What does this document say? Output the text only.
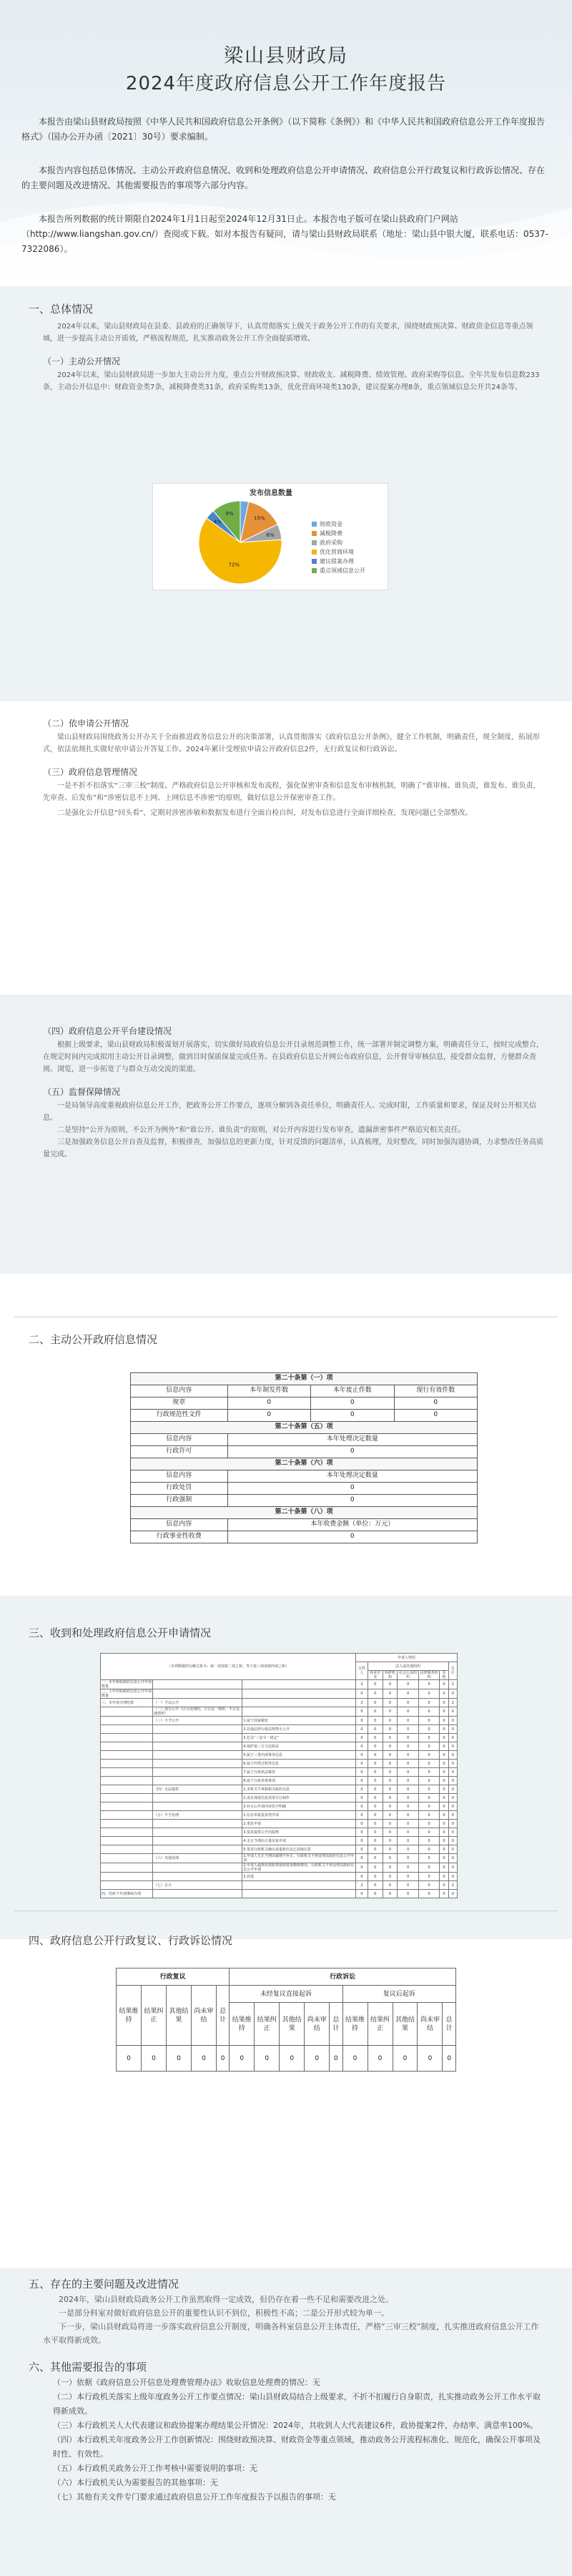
梁山县财政局
2024年度政府信息公开工作年度报告
本报告由梁山县财政局按照《中华人民共和国政府信息公开条例》（以下简称《条例》）和《中华人民共和国政府信息公开工作年度报告格式》（国办公开办函〔2021〕30号）要求编制。
本报告内容包括总体情况、主动公开政府信息情况、收到和处理政府信息公开申请情况、政府信息公开行政复议和行政诉讼情况、存在的主要问题及改进情况、其他需要报告的事项等六部分内容。
本报告所列数据的统计期限自2024年1月1日起至2024年12月31日止。本报告电子版可在梁山县政府门户网站（http://www.liangshan.gov.cn/）查阅或下载。如对本报告有疑问，请与梁山县财政局联系（地址：梁山县中银大厦，联系电话：0537-7322086）。
一、总体情况
2024年以来，梁山县财政局在县委、县政府的正确领导下，认真贯彻落实上级关于政务公开工作的有关要求，围绕财政预决算、财政资金信息等重点领域，进一步提高主动公开质效，严格流程规范，扎实推动政务公开工作全面提质增效。
（一）主动公开情况
2024年以来，梁山县财政局进一步加大主动公开力度，重点公开财政预决算、财政收支、减税降费、绩效管理、政府采购等信息。全年共发布信息数233条，主动公开信息中：财政资金类7条，减税降费类31条，政府采购类13条，优化营商环境类130条，建议提案办理8条，重点领域信息公开共24条等。
发布信息数量
15%
6%
72%
4%
9%
财政资金
减税降费
政府采购
优化营商环境
建议提案办理
重点领域信息公开
（二）依申请公开情况
梁山县财政局围绕政务公开办关于全面推进政务信息公开的决策部署，认真贯彻落实《政府信息公开条例》，健全工作机制，明确责任，规全制度，拓展形式，依法依规扎实做好依申请公开答复工作。2024年累计受理依申请公开政府信息2件，无行政复议和行政诉讼。
（三）政府信息管理情况
一是不折不扣落实“三审三校”制度。严格政府信息公开审核和发布流程，强化保密审查和信息发布审核机制，明确了“谁审核、谁负责，谁发布、谁负责，先审查、后发布”和“涉密信息不上网、上网信息不涉密”的原则，做好信息公开保密审查工作。
二是强化公开信息“回头看”，定期对涉密涉敏和数据发布进行全面自检自纠，对发布信息进行全面详细检查，发现问题已全部整改。
（四）政府信息公开平台建设情况
根据上级要求，梁山县财政局积极谋划开展落实，切实做好局政府信息公开目录规范调整工作，统一部署并制定调整方案，明确责任分工，按时完成整合，在规定时间内完成拟用主动公开目录调整，做到目时保质保量完成任务。在县政府信息公开网公布政府信息，公开督导审核信息，接受群众监督，方便群众查阅、浏览，进一步拓宽了与群众互动交流的渠道。
（五）监督保障情况
一是局领导高度重视政府信息公开工作，把政务公开工作要点，逐项分解到各责任单位，明确责任人、完成时限，工作质量和要求，保证及时公开相关信息。
二是坚持“公开为原则，不公开为例外”和“谁公开、谁负责”的原则，对公开内容进行发布审查，遗漏泄密事件严格追究相关责任。
三是加强政务信息公开自查及监督，积极排查，加强信息的更新力度，针对反馈的问题清单，认真梳理，及时整改，同时加强沟通协调，力求整改任务高质量完成。
二、主动公开政府信息情况
第二十条第（一）项			
信息内容	本年制发件数	本年废止件数	现行有效件数
规章	0	0	0
行政规范性文件	0	0	0
第二十条第（五）项			
信息内容	本年处理决定数量		
行政许可	0		
第二十条第（六）项			
信息内容	本年处理决定数量		
行政处罚	0		
行政强制	0		
第二十条第（八）项			
信息内容	本年收费金额（单位：万元）		
行政事业性收费	0		
三、收到和处理政府信息公开申请情况
（本列数据的勾稽关系为：第一项加第二项之和，等于第三项加第四项之和）			申请人情况						
			自然人	法人或其他组织					总计
				商业企业	科研机构	社会公益组织	法律服务机构	其他	
一、本年新收政府信息公开申请数量			2	0	0	0	0	0	2
二、上年结转政府信息公开申请数量			0	0	0	0	0	0	0
三、本年度办理结果	（一）予以公开		2	0	0	0	0	0	2
	（二）部分公开（区分处理的，只计这一情形，不计其他情形）		0	0	0	0	0	0	0
	（三）不予公开	1.属于国家秘密	0	0	0	0	0	0	0
		2.其他法律行政法规禁止公开	0	0	0	0	0	0	0
		3.危及“三安全一稳定”	0	0	0	0	0	0	0
		4.保护第三方合法权益	0	0	0	0	0	0	0
		5.属于三类内部事务信息	0	0	0	0	0	0	0
		6.属于四类过程性信息	0	0	0	0	0	0	0
		7.属于行政执法案卷	0	0	0	0	0	0	0
		8.属于行政查询事项	0	0	0	0	0	0	0
	（四）无法提供	1.本机关不掌握相关政府信息	0	0	0	0	0	0	0
		2.没有现成信息需要另行制作	0	0	0	0	0	0	0
		3.补正后申请内容仍不明确	0	0	0	0	0	0	0
	（五）不予处理	1.信访举报投诉类申请	0	0	0	0	0	0	0
		2.重复申请	0	0	0	0	0	0	0
		3.要求提供公开出版物	0	0	0	0	0	0	0
		4.无正当理由大量反复申请	0	0	0	0	0	0	0
		5.要求行政机关确认或重新出具已获取信息	0	0	0	0	0	0	0
	（六）其他处理	1.申请人无正当理由逾期不补正、行政机关不再处理其政府信息公开申请	0	0	0	0	0	0	0
		2.申请人逾期未按收费通知要求缴纳费用、行政机关不再处理其政府信息公开申请	0	0	0	0	0	0	0
		3.其他	0	0	0	0	0	0	0
	（七）总计		2	0	0	0	0	0	2
四、结转下年度继续办理			0	0	0	0	0	0	0
四、政府信息公开行政复议、行政诉讼情况
行政复议					行政诉讼									
结果维持	结果纠正	其他结果	尚未审结	总计	未经复议直接起诉					复议后起诉				
					结果维持	结果纠正	其他结果	尚未审结	总计	结果维持	结果纠正	其他结果	尚未审结	总计
0	0	0	0	0	0	0	0	0	0	0	0	0	0	0
五、存在的主要问题及改进情况
2024年，梁山县财政局政务公开工作虽然取得一定成效，但仍存在着一些不足和需要改进之处。
一是部分科室对做好政府信息公开的重要性认识不到位，积极性不高；二是公开形式较为单一。
下一步，梁山县财政局将进一步落实政府信息公开制度，明确各科室信息公开主体责任，严格“三审三校”制度，扎实推进政府信息公开工作水平取得新成效。
六、其他需要报告的事项
（一）依据《政府信息公开信息处理费管理办法》收取信息处理费的情况：无
（二）本行政机关落实上级年度政务公开工作要点情况：梁山县财政局结合上级要求，不折不扣履行自身职责，扎实推动政务公开工作水平取得新成效。
（三）本行政机关人大代表建议和政协提案办理结果公开情况：2024年，共收到人大代表建议6件，政协提案2件，办结率、满意率100%。
（四）本行政机关年度政务公开工作创新情况：围绕财政预决算、财政资金等重点领域，推动政务公开流程标准化、规范化，确保公开事项及时性、有效性。
（五）本行政机关政务公开工作考核中需要说明的事项：无
（六）本行政机关认为需要报告的其他事项：无
（七）其他有关文件专门要求通过政府信息公开工作年度报告予以报告的事项：无
